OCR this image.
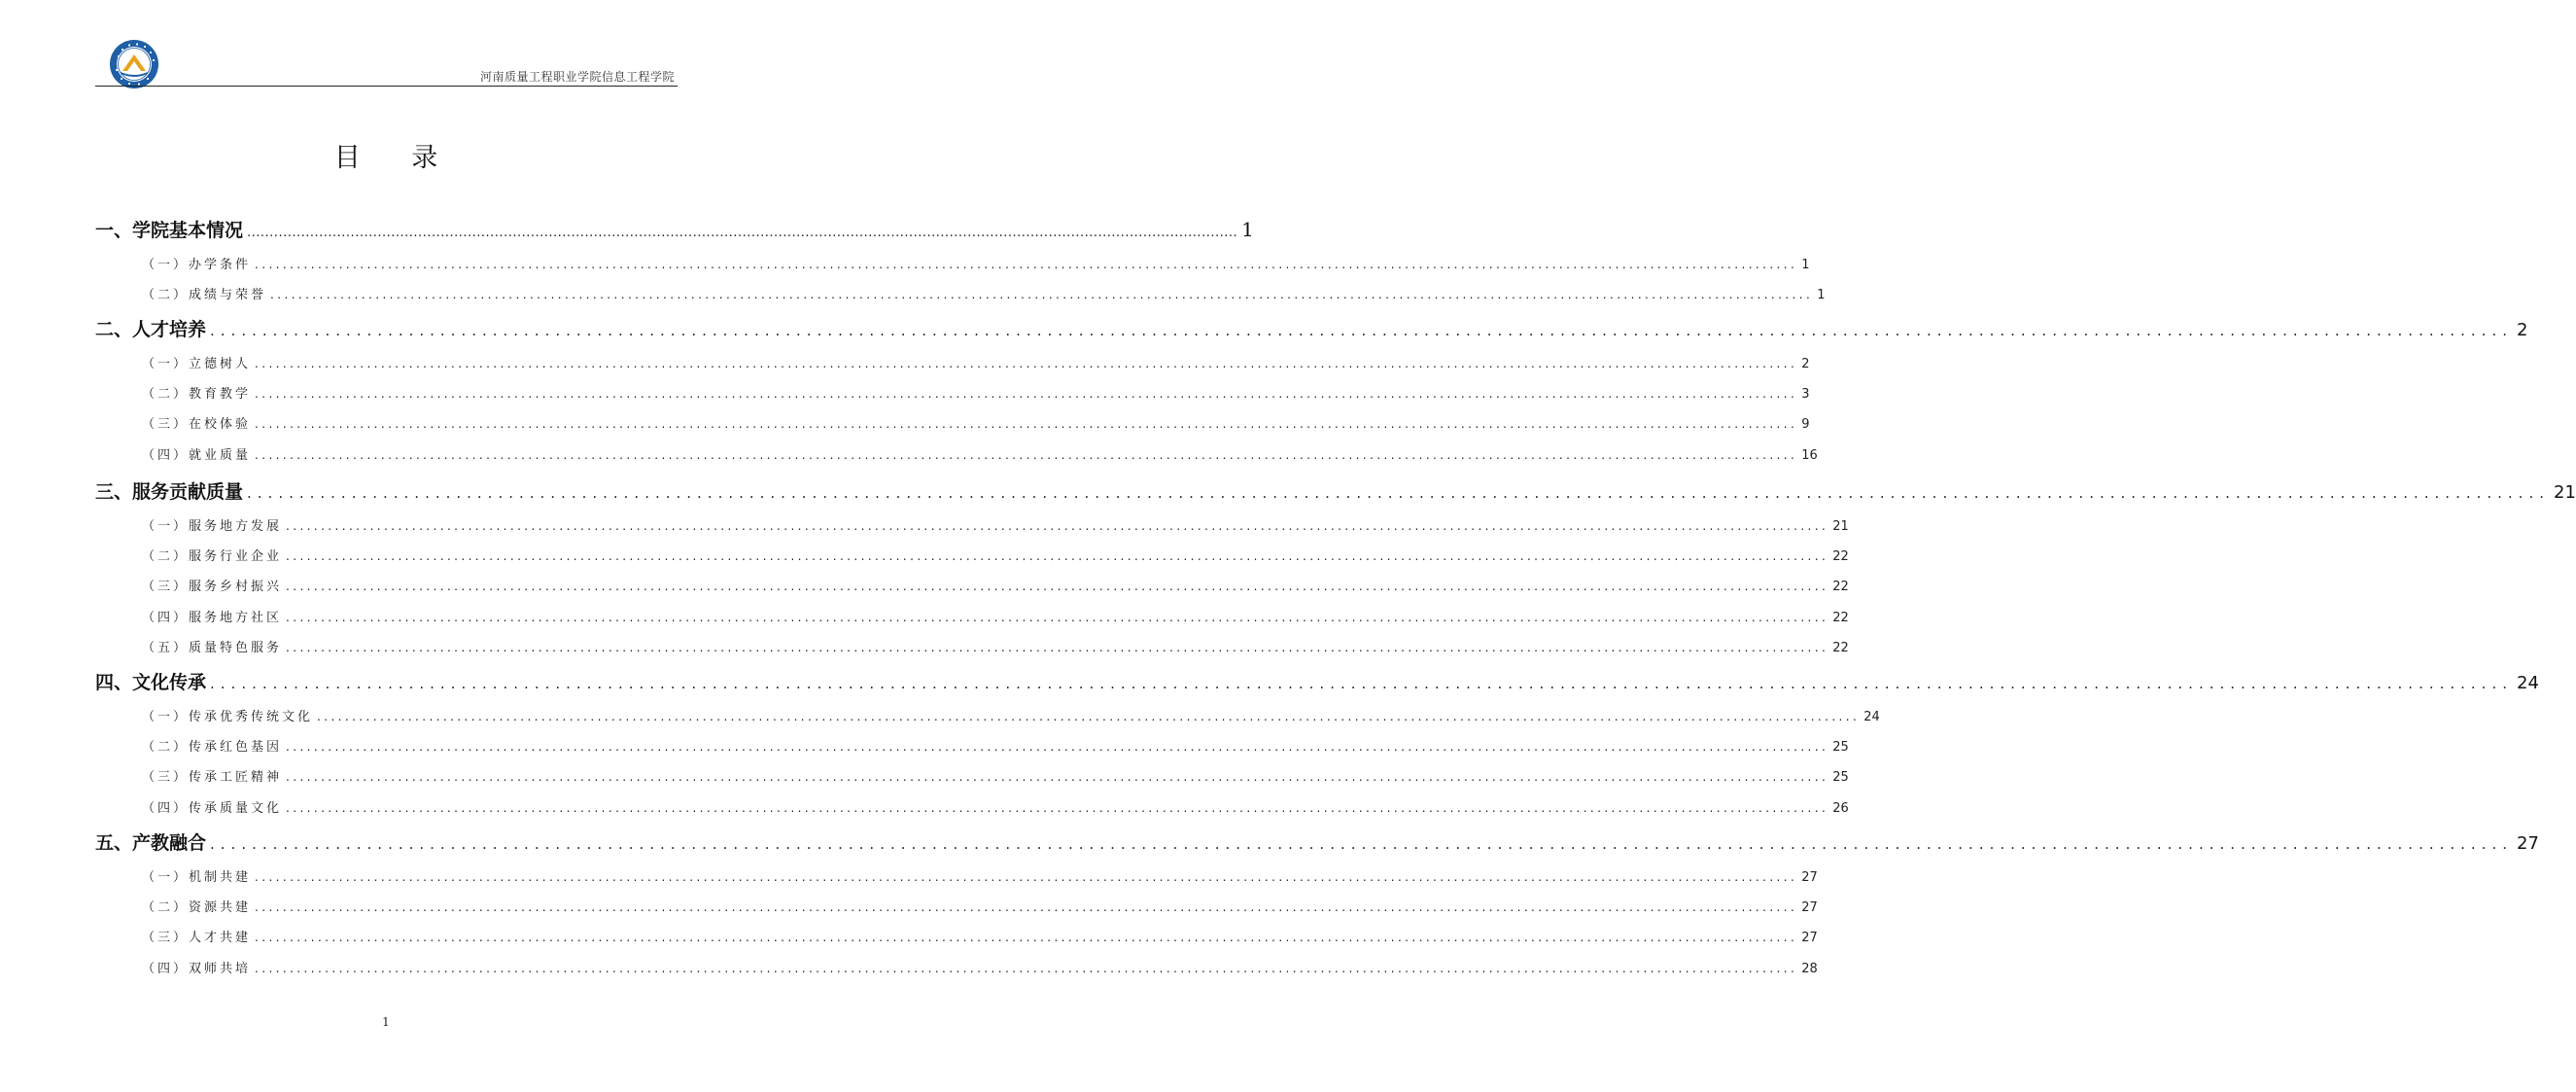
河南质量工程职业学院信息工程学院
目 录
一、学院基本情况 ............................................................................................................................................................................................................................ 1
（一）办学条件 ............................................................................................................................................................................................................................ 1
（二）成绩与荣誉 ............................................................................................................................................................................................................................ 1
二、人才培养 ............................................................................................................................................................................................................................ 2
（一）立德树人 ............................................................................................................................................................................................................................ 2
（二）教育教学 ............................................................................................................................................................................................................................ 3
（三）在校体验 ............................................................................................................................................................................................................................ 9
（四）就业质量 ............................................................................................................................................................................................................................ 16
三、服务贡献质量 ............................................................................................................................................................................................................................ 21
（一）服务地方发展 ............................................................................................................................................................................................................................ 21
（二）服务行业企业 ............................................................................................................................................................................................................................ 22
（三）服务乡村振兴 ............................................................................................................................................................................................................................ 22
（四）服务地方社区 ............................................................................................................................................................................................................................ 22
（五）质量特色服务 ............................................................................................................................................................................................................................ 22
四、文化传承 ............................................................................................................................................................................................................................ 24
（一）传承优秀传统文化 ............................................................................................................................................................................................................................ 24
（二）传承红色基因 ............................................................................................................................................................................................................................ 25
（三）传承工匠精神 ............................................................................................................................................................................................................................ 25
（四）传承质量文化 ............................................................................................................................................................................................................................ 26
五、产教融合 ............................................................................................................................................................................................................................ 27
（一）机制共建 ............................................................................................................................................................................................................................ 27
（二）资源共建 ............................................................................................................................................................................................................................ 27
（三）人才共建 ............................................................................................................................................................................................................................ 27
（四）双师共培 ............................................................................................................................................................................................................................ 28
1
